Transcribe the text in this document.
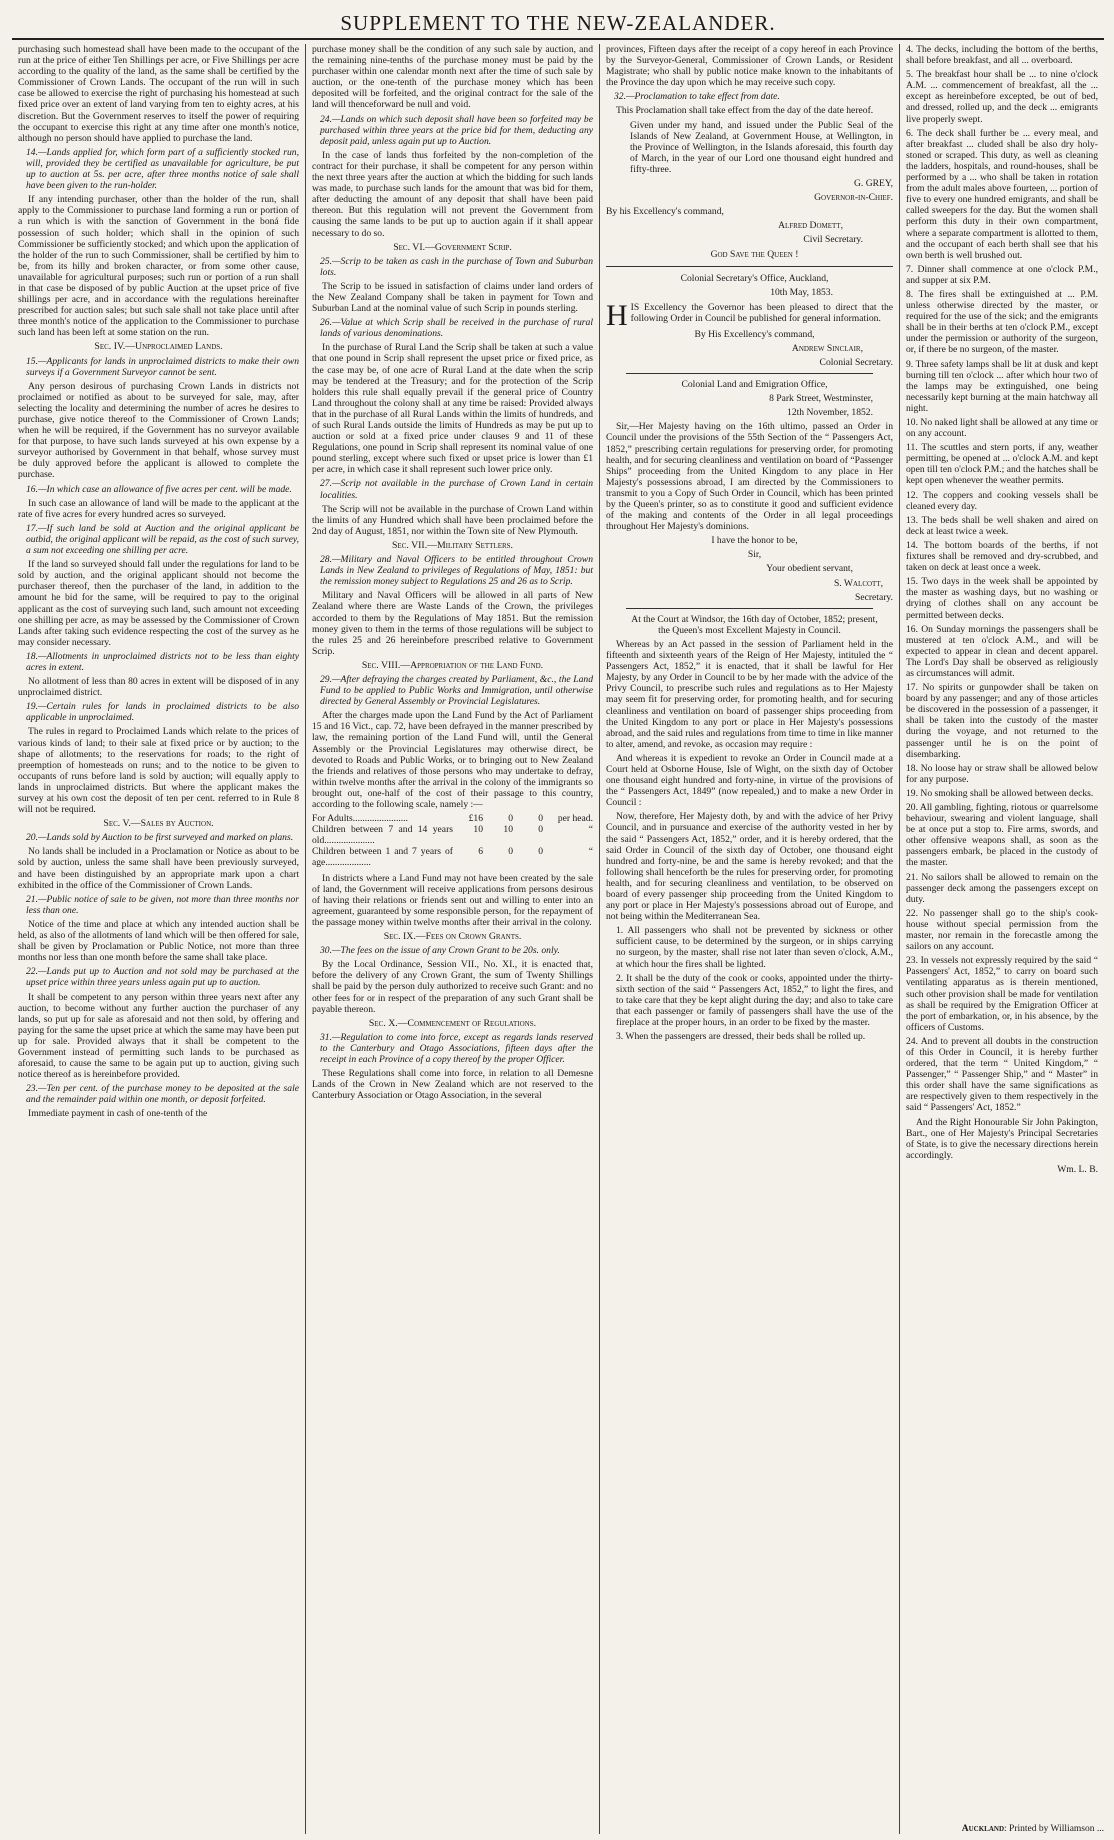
SUPPLEMENT TO THE NEW-ZEALANDER.

purchasing such homestead shall have been made to the occupant of the run at the price of either Ten Shillings per acre, or Five Shillings per acre according to the quality of the land, as the same shall be certified by the Commissioner of Crown Lands. The occupant of the run will in such case be allowed to exercise the right of purchasing his homestead at such fixed price over an extent of land varying from ten to eighty acres, at his discretion. But the Government reserves to itself the power of requiring the occupant to exercise this right at any time after one month's notice, although no person should have applied to purchase the land.

14.—Lands applied for, which form part of a sufficiently stocked run, will, provided they be certified as unavailable for agriculture, be put up to auction at 5s. per acre, after three months notice of sale shall have been given to the run-holder.

If any intending purchaser, other than the holder of the run, shall apply to the Commissioner to purchase land forming a run or portion of a run which is with the sanction of Government in the boná fide possession of such holder; which shall in the opinion of such Commissioner be sufficiently stocked; and which upon the application of the holder of the run to such Commissioner, shall be certified by him to be, from its hilly and broken character, or from some other cause, unavailable for agricultural purposes; such run or portion of a run shall in that case be disposed of by public Auction at the upset price of five shillings per acre, and in accordance with the regulations hereinafter prescribed for auction sales; but such sale shall not take place until after three month's notice of the application to the Commissioner to purchase such land has been left at some station on the run.

Sec. IV.—Unproclaimed Lands.

15.—Applicants for lands in unproclaimed districts to make their own surveys if a Government Surveyor cannot be sent.

Any person desirous of purchasing Crown Lands in districts not proclaimed or notified as about to be surveyed for sale, may, after selecting the locality and determining the number of acres he desires to purchase, give notice thereof to the Commissioner of Crown Lands; when he will be required, if the Government has no surveyor available for that purpose, to have such lands surveyed at his own expense by a surveyor authorised by Government in that behalf, whose survey must be duly approved before the applicant is allowed to complete the purchase.

16.—In which case an allowance of five acres per cent. will be made.

In such case an allowance of land will be made to the applicant at the rate of five acres for every hundred acres so surveyed.

17.—If such land be sold at Auction and the original applicant be outbid, the original applicant will be repaid, as the cost of such survey, a sum not exceeding one shilling per acre.

If the land so surveyed should fall under the regulations for land to be sold by auction, and the original applicant should not become the purchaser thereof, then the purchaser of the land, in addition to the amount he bid for the same, will be required to pay to the original applicant as the cost of surveying such land, such amount not exceeding one shilling per acre, as may be assessed by the Commissioner of Crown Lands after taking such evidence respecting the cost of the survey as he may consider necessary.

18.—Allotments in unproclaimed districts not to be less than eighty acres in extent.

No allotment of less than 80 acres in extent will be disposed of in any unproclaimed district.

19.—Certain rules for lands in proclaimed districts to be also applicable in unproclaimed.

The rules in regard to Proclaimed Lands which relate to the prices of various kinds of land; to their sale at fixed price or by auction; to the shape of allotments; to the reservations for roads; to the right of preemption of homesteads on runs; and to the notice to be given to occupants of runs before land is sold by auction; will equally apply to lands in unproclaimed districts. But where the applicant makes the survey at his own cost the deposit of ten per cent. referred to in Rule 8 will not be required.

Sec. V.—Sales by Auction.

20.—Lands sold by Auction to be first surveyed and marked on plans.

No lands shall be included in a Proclamation or Notice as about to be sold by auction, unless the same shall have been previously surveyed, and have been distinguished by an appropriate mark upon a chart exhibited in the office of the Commissioner of Crown Lands.

21.—Public notice of sale to be given, not more than three months nor less than one.

Notice of the time and place at which any intended auction shall be held, as also of the allotments of land which will be then offered for sale, shall be given by Proclamation or Public Notice, not more than three months nor less than one month before the same shall take place.

22.—Lands put up to Auction and not sold may be purchased at the upset price within three years unless again put up to auction.

It shall be competent to any person within three years next after any auction, to become without any further auction the purchaser of any lands, so put up for sale as aforesaid and not then sold, by offering and paying for the same the upset price at which the same may have been put up for sale. Provided always that it shall be competent to the Government instead of permitting such lands to be purchased as aforesaid, to cause the same to be again put up to auction, giving such notice thereof as is hereinbefore provided.

23.—Ten per cent. of the purchase money to be deposited at the sale and the remainder paid within one month, or deposit forfeited.

Immediate payment in cash of one-tenth of the

purchase money shall be the condition of any such sale by auction, and the remaining nine-tenths of the purchase money must be paid by the purchaser within one calendar month next after the time of such sale by auction, or the one-tenth of the purchase money which has been deposited will be forfeited, and the original contract for the sale of the land will thenceforward be null and void.

24.—Lands on which such deposit shall have been so forfeited may be purchased within three years at the price bid for them, deducting any deposit paid, unless again put up to Auction.

In the case of lands thus forfeited by the non-completion of the contract for their purchase, it shall be competent for any person within the next three years after the auction at which the bidding for such lands was made, to purchase such lands for the amount that was bid for them, after deducting the amount of any deposit that shall have been paid thereon. But this regulation will not prevent the Government from causing the same lands to be put up to auction again if it shall appear necessary to do so.

Sec. VI.—Government Scrip.

25.—Scrip to be taken as cash in the purchase of Town and Suburban lots.

The Scrip to be issued in satisfaction of claims under land orders of the New Zealand Company shall be taken in payment for Town and Suburban Land at the nominal value of such Scrip in pounds sterling.

26.—Value at which Scrip shall be received in the purchase of rural lands of various denominations.

In the purchase of Rural Land the Scrip shall be taken at such a value that one pound in Scrip shall represent the upset price or fixed price, as the case may be, of one acre of Rural Land at the date when the scrip may be tendered at the Treasury; and for the protection of the Scrip holders this rule shall equally prevail if the general price of Country Land throughout the colony shall at any time be raised: Provided always that in the purchase of all Rural Lands within the limits of hundreds, and of such Rural Lands outside the limits of Hundreds as may be put up to auction or sold at a fixed price under clauses 9 and 11 of these Regulations, one pound in Scrip shall represent its nominal value of one pound sterling, except where such fixed or upset price is lower than £1 per acre, in which case it shall represent such lower price only.

27.—Scrip not available in the purchase of Crown Land in certain localities.

The Scrip will not be available in the purchase of Crown Land within the limits of any Hundred which shall have been proclaimed before the 2nd day of August, 1851, nor within the Town site of New Plymouth.

Sec. VII.—Military Settlers.

28.—Military and Naval Officers to be entitled throughout Crown Lands in New Zealand to privileges of Regulations of May, 1851: but the remission money subject to Regulations 25 and 26 as to Scrip.

Military and Naval Officers will be allowed in all parts of New Zealand where there are Waste Lands of the Crown, the privileges accorded to them by the Regulations of May 1851. But the remission money given to them in the terms of those regulations will be subject to the rules 25 and 26 hereinbefore prescribed relative to Government Scrip.

Sec. VIII.—Appropriation of the Land Fund.

29.—After defraying the charges created by Parliament, &c., the Land Fund to be applied to Public Works and Immigration, until otherwise directed by General Assembly or Provincial Legislatures.

After the charges made upon the Land Fund by the Act of Parliament 15 and 16 Vict., cap. 72, have been defrayed in the manner prescribed by law, the remaining portion of the Land Fund will, until the General Assembly or the Provincial Legislatures may otherwise direct, be devoted to Roads and Public Works, or to bringing out to New Zealand the friends and relatives of those persons who may undertake to defray, within twelve months after the arrival in the colony of the immigrants so brought out, one-half of the cost of their passage to this country, according to the following scale, namely :—

For Adults.......................	£16	0	0	per head.
Children between 7 and 14 years old.....................	10	10	0	“
Children between 1 and 7 years of age...................	6	0	0	“

In districts where a Land Fund may not have been created by the sale of land, the Government will receive applications from persons desirous of having their relations or friends sent out and willing to enter into an agreement, guaranteed by some responsible person, for the repayment of the passage money within twelve months after their arrival in the colony.

Sec. IX.—Fees on Crown Grants.

30.—The fees on the issue of any Crown Grant to be 20s. only.

By the Local Ordinance, Session VII., No. XI., it is enacted that, before the delivery of any Crown Grant, the sum of Twenty Shillings shall be paid by the person duly authorized to receive such Grant: and no other fees for or in respect of the preparation of any such Grant shall be payable thereon.

Sec. X.—Commencement of Regulations.

31.—Regulation to come into force, except as regards lands reserved to the Canterbury and Otago Associations, fifteen days after the receipt in each Province of a copy thereof by the proper Officer.

These Regulations shall come into force, in relation to all Demesne Lands of the Crown in New Zealand which are not reserved to the Canterbury Association or Otago Association, in the several

provinces, Fifteen days after the receipt of a copy hereof in each Province by the Surveyor-General, Commissioner of Crown Lands, or Resident Magistrate; who shall by public notice make known to the inhabitants of the Province the day upon which he may receive such copy.

32.—Proclamation to take effect from date.

This Proclamation shall take effect from the day of the date hereof.

Given under my hand, and issued under the Public Seal of the Islands of New Zealand, at Government House, at Wellington, in the Province of Wellington, in the Islands aforesaid, this fourth day of March, in the year of our Lord one thousand eight hundred and fifty-three.

G. GREY,

Governor-in-Chief.

By his Excellency's command,

Alfred Domett,

Civil Secretary.

God Save the Queen !

Colonial Secretary's Office, Auckland,

10th May, 1853.

HIS Excellency the Governor has been pleased to direct that the following Order in Council be published for general information.

By His Excellency's command,

Andrew Sinclair,

Colonial Secretary.

Colonial Land and Emigration Office,

8 Park Street, Westminster,

12th November, 1852.

Sir,—Her Majesty having on the 16th ultimo, passed an Order in Council under the provisions of the 55th Section of the “ Passengers Act, 1852,” prescribing certain regulations for preserving order, for promoting health, and for securing cleanliness and ventilation on board of “Passenger Ships” proceeding from the United Kingdom to any place in Her Majesty's possessions abroad, I am directed by the Commissioners to transmit to you a Copy of Such Order in Council, which has been printed by the Queen's printer, so as to constitute it good and sufficient evidence of the making and contents of the Order in all legal proceedings throughout Her Majesty's dominions.

I have the honor to be,

Sir,

Your obedient servant,

S. Walcott,

Secretary.

At the Court at Windsor, the 16th day of October, 1852; present, the Queen's most Excellent Majesty in Council.

Whereas by an Act passed in the session of Parliament held in the fifteenth and sixteenth years of the Reign of Her Majesty, intituled the “ Passengers Act, 1852,” it is enacted, that it shall be lawful for Her Majesty, by any Order in Council to be by her made with the advice of the Privy Council, to prescribe such rules and regulations as to Her Majesty may seem fit for preserving order, for promoting health, and for securing cleanliness and ventilation on board of passenger ships proceeding from the United Kingdom to any port or place in Her Majesty's possessions abroad, and the said rules and regulations from time to time in like manner to alter, amend, and revoke, as occasion may require :

And whereas it is expedient to revoke an Order in Council made at a Court held at Osborne House, Isle of Wight, on the sixth day of October one thousand eight hundred and forty-nine, in virtue of the provisions of the “ Passengers Act, 1849” (now repealed,) and to make a new Order in Council :

Now, therefore, Her Majesty doth, by and with the advice of her Privy Council, and in pursuance and exercise of the authority vested in her by the said “ Passengers Act, 1852,” order, and it is hereby ordered, that the said Order in Council of the sixth day of October, one thousand eight hundred and forty-nine, be and the same is hereby revoked; and that the following shall henceforth be the rules for preserving order, for promoting health, and for securing cleanliness and ventilation, to be observed on board of every passenger ship proceeding from the United Kingdom to any port or place in Her Majesty's possessions abroad out of Europe, and not being within the Mediterranean Sea.

1. All passengers who shall not be prevented by sickness or other sufficient cause, to be determined by the surgeon, or in ships carrying no surgeon, by the master, shall rise not later than seven o'clock, A.M., at which hour the fires shall be lighted.

2. It shall be the duty of the cook or cooks, appointed under the thirty-sixth section of the said “ Passengers Act, 1852,” to light the fires, and to take care that they be kept alight during the day; and also to take care that each passenger or family of passengers shall have the use of the fireplace at the proper hours, in an order to be fixed by the master.

3. When the passengers are dressed, their beds shall be rolled up.

4. The decks, including the bottom of the berths, shall before breakfast, and all ... overboard.

5. The breakfast hour shall be ... to nine o'clock A.M. ... commencement of breakfast, all the ... except as hereinbefore excepted, be out of bed, and dressed, rolled up, and the deck ... emigrants live properly swept.

6. The deck shall further be ... every meal, and after breakfast ... cluded shall be also dry holy-stoned or scraped. This duty, as well as cleaning the ladders, hospitals, and round-houses, shall be performed by a ... who shall be taken in rotation from the adult males above fourteen, ... portion of five to every one hundred emigrants, and shall be called sweepers for the day. But the women shall perform this duty in their own compartment, where a separate compartment is allotted to them, and the occupant of each berth shall see that his own berth is well brushed out.

7. Dinner shall commence at one o'clock P.M., and supper at six P.M.

8. The fires shall be extinguished at ... P.M. unless otherwise directed by the master, or required for the use of the sick; and the emigrants shall be in their berths at ten o'clock P.M., except under the permission or authority of the surgeon, or, if there be no surgeon, of the master.

9. Three safety lamps shall be lit at dusk and kept burning till ten o'clock ... after which hour two of the lamps may be extinguished, one being necessarily kept burning at the main hatchway all night.

10. No naked light shall be allowed at any time or on any account.

11. The scuttles and stern ports, if any, weather permitting, be opened at ... o'clock A.M. and kept open till ten o'clock P.M.; and the hatches shall be kept open whenever the weather permits.

12. The coppers and cooking vessels shall be cleaned every day.

13. The beds shall be well shaken and aired on deck at least twice a week.

14. The bottom boards of the berths, if not fixtures shall be removed and dry-scrubbed, and taken on deck at least once a week.

15. Two days in the week shall be appointed by the master as washing days, but no washing or drying of clothes shall on any account be permitted between decks.

16. On Sunday mornings the passengers shall be mustered at ten o'clock A.M., and will be expected to appear in clean and decent apparel. The Lord's Day shall be observed as religiously as circumstances will admit.

17. No spirits or gunpowder shall be taken on board by any passenger; and any of those articles be discovered in the possession of a passenger, it shall be taken into the custody of the master during the voyage, and not returned to the passenger until he is on the point of disembarking.

18. No loose hay or straw shall be allowed below for any purpose.

19. No smoking shall be allowed between decks.

20. All gambling, fighting, riotous or quarrelsome behaviour, swearing and violent language, shall be at once put a stop to. Fire arms, swords, and other offensive weapons shall, as soon as the passengers embark, be placed in the custody of the master.

21. No sailors shall be allowed to remain on the passenger deck among the passengers except on duty.

22. No passenger shall go to the ship's cook-house without special permission from the master, nor remain in the forecastle among the sailors on any account.

23. In vessels not expressly required by the said “ Passengers' Act, 1852,” to carry on board such ventilating apparatus as is therein mentioned, such other provision shall be made for ventilation as shall be required by the Emigration Officer at the port of embarkation, or, in his absence, by the officers of Customs.

24. And to prevent all doubts in the construction of this Order in Council, it is hereby further ordered, that the term “ United Kingdom,” “ Passenger,” “ Passenger Ship,” and “ Master” in this order shall have the same significations as are respectively given to them respectively in the said “ Passengers' Act, 1852.”

And the Right Honourable Sir John Pakington, Bart., one of Her Majesty's Principal Secretaries of State, is to give the necessary directions herein accordingly.

Wm. L. B.

Auckland: Printed by Williamson ...
